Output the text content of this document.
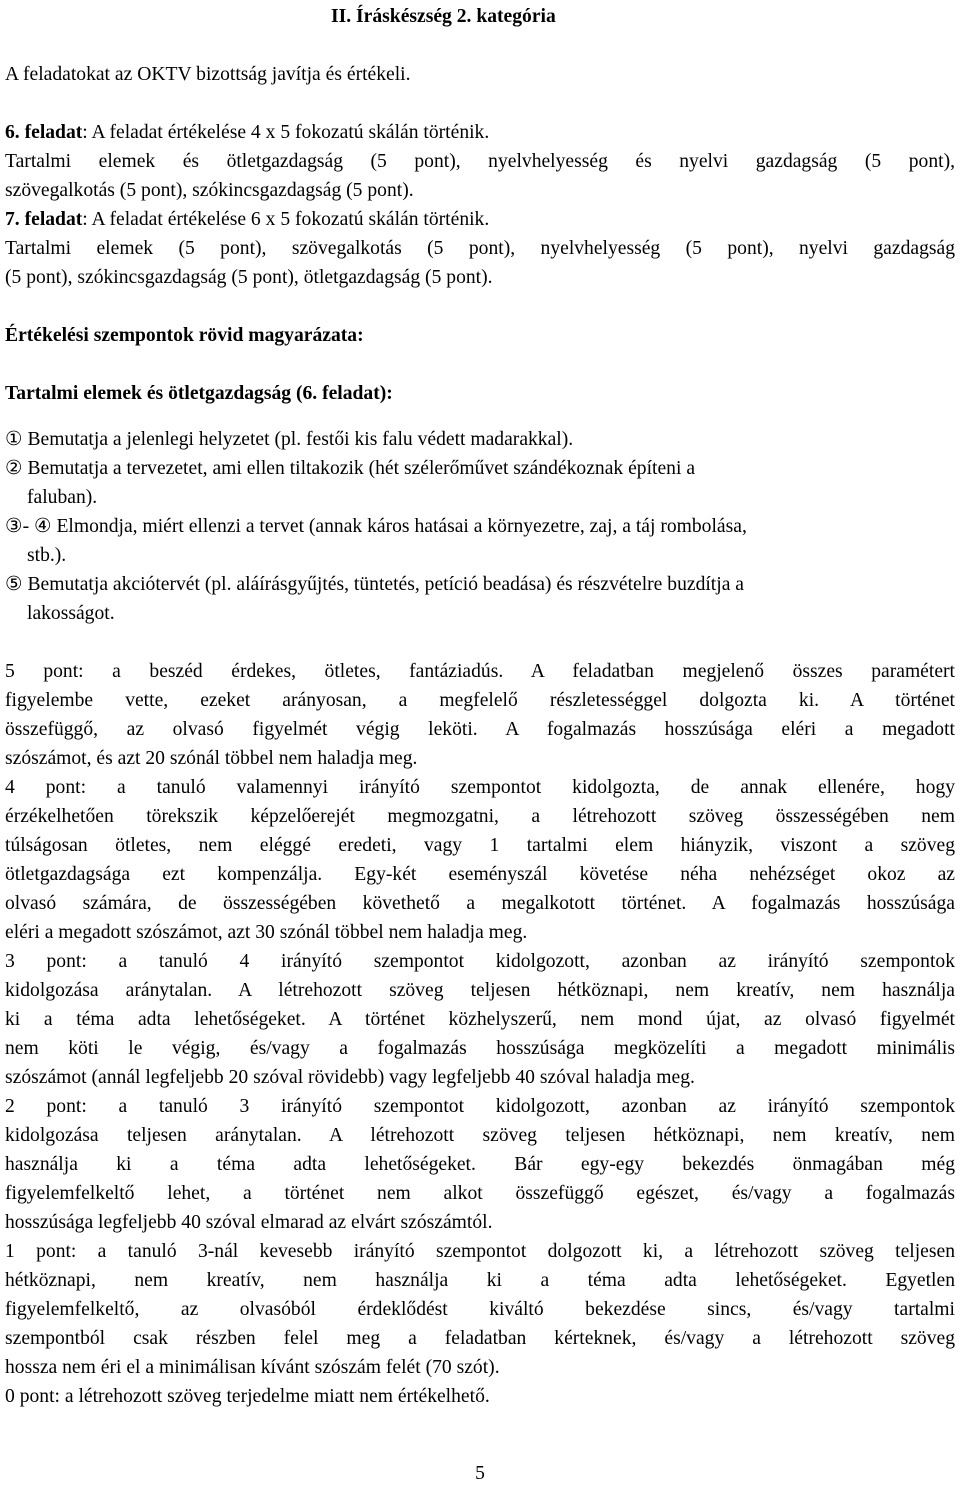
II. Íráskészség 2. kategória
A feladatokat az OKTV bizottság javítja és értékeli.
6. feladat: A feladat értékelése 4 x 5 fokozatú skálán történik.
Tartalmi elemek és ötletgazdagság (5 pont), nyelvhelyesség és nyelvi gazdagság (5 pont),
szövegalkotás (5 pont), szókincsgazdagság (5 pont).
7. feladat: A feladat értékelése 6 x 5 fokozatú skálán történik.
Tartalmi elemek (5 pont), szövegalkotás (5 pont), nyelvhelyesség (5 pont), nyelvi gazdagság
(5 pont), szókincsgazdagság (5 pont), ötletgazdagság (5 pont).
Értékelési szempontok rövid magyarázata:
Tartalmi elemek és ötletgazdagság (6. feladat):
① Bemutatja a jelenlegi helyzetet (pl. festői kis falu védett madarakkal).
② Bemutatja a tervezetet, ami ellen tiltakozik (hét szélerőművet szándékoznak építeni a
faluban).
③- ④ Elmondja, miért ellenzi a tervet (annak káros hatásai a környezetre, zaj, a táj rombolása,
stb.).
⑤ Bemutatja akciótervét (pl. aláírásgyűjtés, tüntetés, petíció beadása) és részvételre buzdítja a
lakosságot.
5 pont: a beszéd érdekes, ötletes, fantáziadús. A feladatban megjelenő összes paramétert
figyelembe vette, ezeket arányosan, a megfelelő részletességgel dolgozta ki. A történet
összefüggő, az olvasó figyelmét végig leköti. A fogalmazás hosszúsága eléri a megadott
szószámot, és azt 20 szónál többel nem haladja meg.
4 pont: a tanuló valamennyi irányító szempontot kidolgozta, de annak ellenére, hogy
érzékelhetően törekszik képzelőerejét megmozgatni, a létrehozott szöveg összességében nem
túlságosan ötletes, nem eléggé eredeti, vagy 1 tartalmi elem hiányzik, viszont a szöveg
ötletgazdagsága ezt kompenzálja. Egy-két eseményszál követése néha nehézséget okoz az
olvasó számára, de összességében követhető a megalkotott történet. A fogalmazás hosszúsága
eléri a megadott szószámot, azt 30 szónál többel nem haladja meg.
3 pont: a tanuló 4 irányító szempontot kidolgozott, azonban az irányító szempontok
kidolgozása aránytalan. A létrehozott szöveg teljesen hétköznapi, nem kreatív, nem használja
ki a téma adta lehetőségeket. A történet közhelyszerű, nem mond újat, az olvasó figyelmét
nem köti le végig, és/vagy a fogalmazás hosszúsága megközelíti a megadott minimális
szószámot (annál legfeljebb 20 szóval rövidebb) vagy legfeljebb 40 szóval haladja meg.
2 pont: a tanuló 3 irányító szempontot kidolgozott, azonban az irányító szempontok
kidolgozása teljesen aránytalan. A létrehozott szöveg teljesen hétköznapi, nem kreatív, nem
használja ki a téma adta lehetőségeket. Bár egy-egy bekezdés önmagában még
figyelemfelkeltő lehet, a történet nem alkot összefüggő egészet, és/vagy a fogalmazás
hosszúsága legfeljebb 40 szóval elmarad az elvárt szószámtól.
1 pont: a tanuló 3-nál kevesebb irányító szempontot dolgozott ki, a létrehozott szöveg teljesen
hétköznapi, nem kreatív, nem használja ki a téma adta lehetőségeket. Egyetlen
figyelemfelkeltő, az olvasóból érdeklődést kiváltó bekezdése sincs, és/vagy tartalmi
szempontból csak részben felel meg a feladatban kérteknek, és/vagy a létrehozott szöveg
hossza nem éri el a minimálisan kívánt szószám felét (70 szót).
0 pont: a létrehozott szöveg terjedelme miatt nem értékelhető.
5
